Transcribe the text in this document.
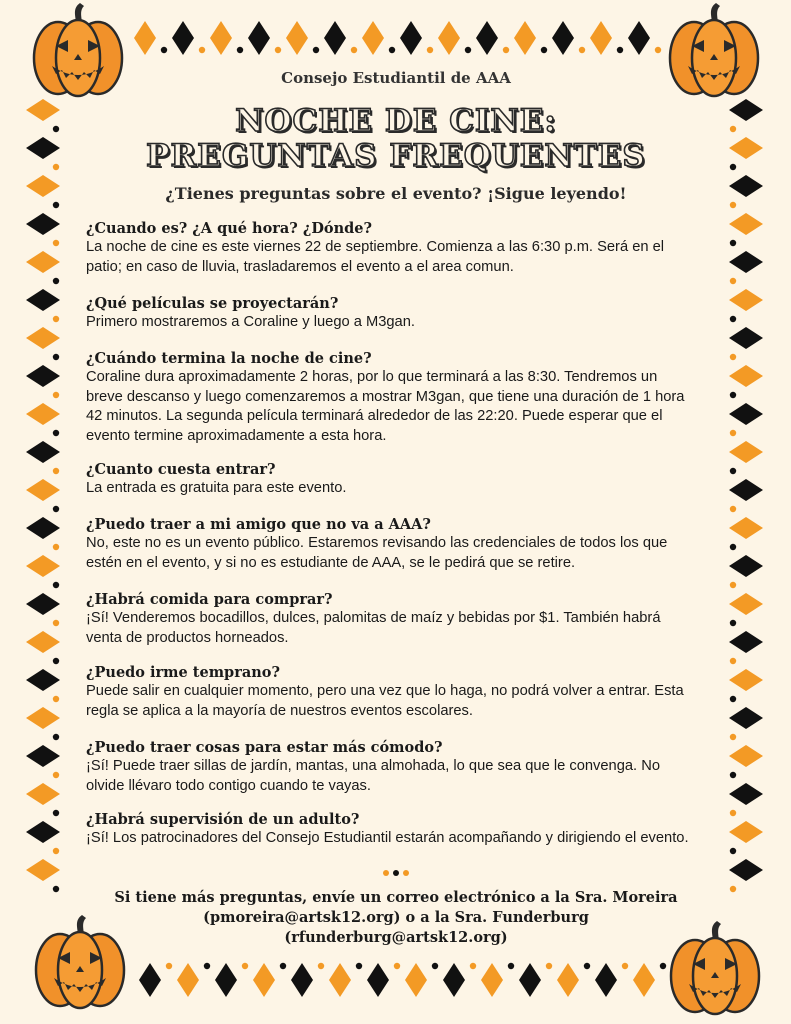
Consejo Estudiantil de AAA
NOCHE DE CINE:
PREGUNTAS FREQUENTES
¿Tienes preguntas sobre el evento? ¡Sigue leyendo!
¿Cuando es? ¿A qué hora? ¿Dónde?
La noche de cine es este viernes 22 de septiembre. Comienza a las 6:30 p.m. Será en el patio; en caso de lluvia, trasladaremos el evento a el area comun.
¿Qué películas se proyectarán?
Primero mostraremos a Coraline y luego a M3gan.
¿Cuándo termina la noche de cine?
Coraline dura aproximadamente 2 horas, por lo que terminará a las 8:30. Tendremos un breve descanso y luego comenzaremos a mostrar M3gan, que tiene una duración de 1 hora 42 minutos. La segunda película terminará alrededor de las 22:20. Puede esperar que el evento termine aproximadamente a esta hora.
¿Cuanto cuesta entrar?
La entrada es gratuita para este evento.
¿Puedo traer a mi amigo que no va a AAA?
No, este no es un evento público. Estaremos revisando las credenciales de todos los que estén en el evento, y si no es estudiante de AAA, se le pedirá que se retire.
¿Habrá comida para comprar?
¡Sí! Venderemos bocadillos, dulces, palomitas de maíz y bebidas por $1. También habrá venta de productos horneados.
¿Puedo irme temprano?
Puede salir en cualquier momento, pero una vez que lo haga, no podrá volver a entrar. Esta regla se aplica a la mayoría de nuestros eventos escolares.
¿Puedo traer cosas para estar más cómodo?
¡Sí! Puede traer sillas de jardín, mantas, una almohada, lo que sea que le convenga. No olvide llévaro todo contigo cuando te vayas.
¿Habrá supervisión de un adulto?
¡Sí! Los patrocinadores del Consejo Estudiantil estarán acompañando y dirigiendo el evento.
Si tiene más preguntas, envíe un correo electrónico a la Sra. Moreira
(pmoreira@artsk12.org) o a la Sra. Funderburg
(rfunderburg@artsk12.org)
